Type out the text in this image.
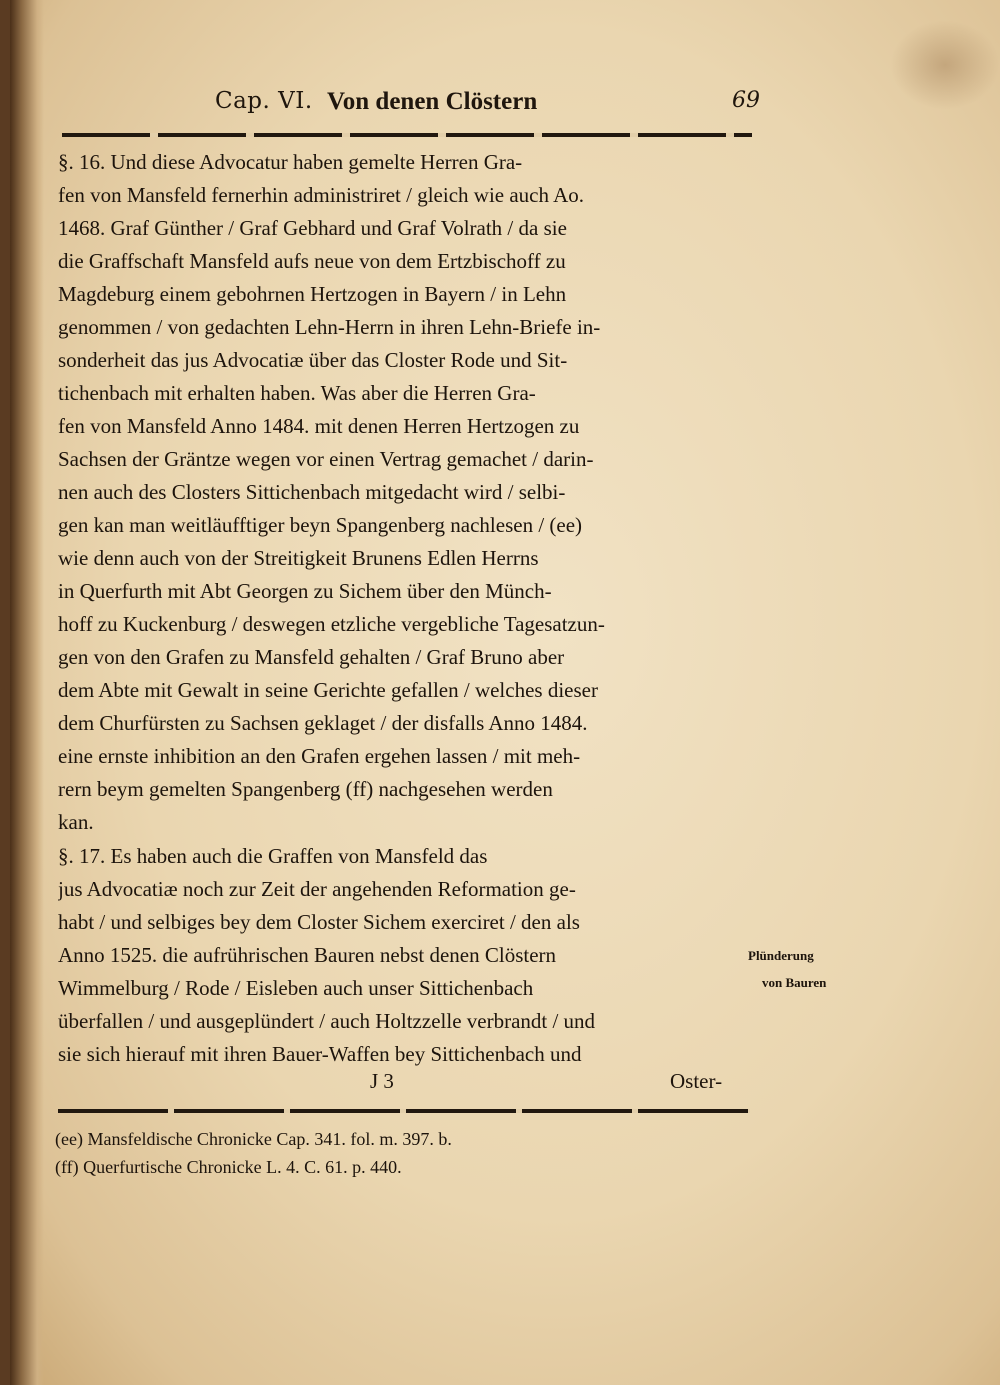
Cap. VI. Von denen Clöstern	69
§. 16. Und diese Advocatur haben gemelte Herren Gra-
fen von Mansfeld fernerhin administriret / gleich wie auch Ao.
1468. Graf Günther / Graf Gebhard und Graf Volrath / da sie
die Graffschaft Mansfeld aufs neue von dem Ertzbischoff zu
Magdeburg einem gebohrnen Hertzogen in Bayern / in Lehn
genommen / von gedachten Lehn-Herrn in ihren Lehn-Briefe in-
sonderheit das jus Advocatiæ über das Closter Rode und Sit-
tichenbach mit erhalten haben. Was aber die Herren Gra-
fen von Mansfeld Anno 1484. mit denen Herren Hertzogen zu
Sachsen der Gräntze wegen vor einen Vertrag gemachet / darin-
nen auch des Closters Sittichenbach mitgedacht wird / selbi-
gen kan man weitläufftiger beyn Spangenberg nachlesen / (ee)
wie denn auch von der Streitigkeit Brunens Edlen Herrns
in Querfurth mit Abt Georgen zu Sichem über den Münch-
hoff zu Kuckenburg / deswegen etzliche vergebliche Tagesatzun-
gen von den Grafen zu Mansfeld gehalten / Graf Bruno aber
dem Abte mit Gewalt in seine Gerichte gefallen / welches dieser
dem Churfürsten zu Sachsen geklaget / der disfalls Anno 1484.
eine ernste inhibition an den Grafen ergehen lassen / mit meh-
rern beym gemelten Spangenberg (ff) nachgesehen werden
kan.
§. 17. Es haben auch die Graffen von Mansfeld das
jus Advocatiæ noch zur Zeit der angehenden Reformation ge-
habt / und selbiges bey dem Closter Sichem exerciret / den als
Anno 1525. die aufrührischen Bauren nebst denen Clöstern
Wimmelburg / Rode / Eisleben auch unser Sittichenbach
überfallen / und ausgeplündert / auch Holtzzelle verbrandt / und
sie sich hierauf mit ihren Bauer-Waffen bey Sittichenbach und
Plünderung
von Bauren
J 3	Oster-
(ee) Mansfeldische Chronicke Cap. 341. fol. m. 397. b.
(ff) Querfurtische Chronicke L. 4. C. 61. p. 440.
